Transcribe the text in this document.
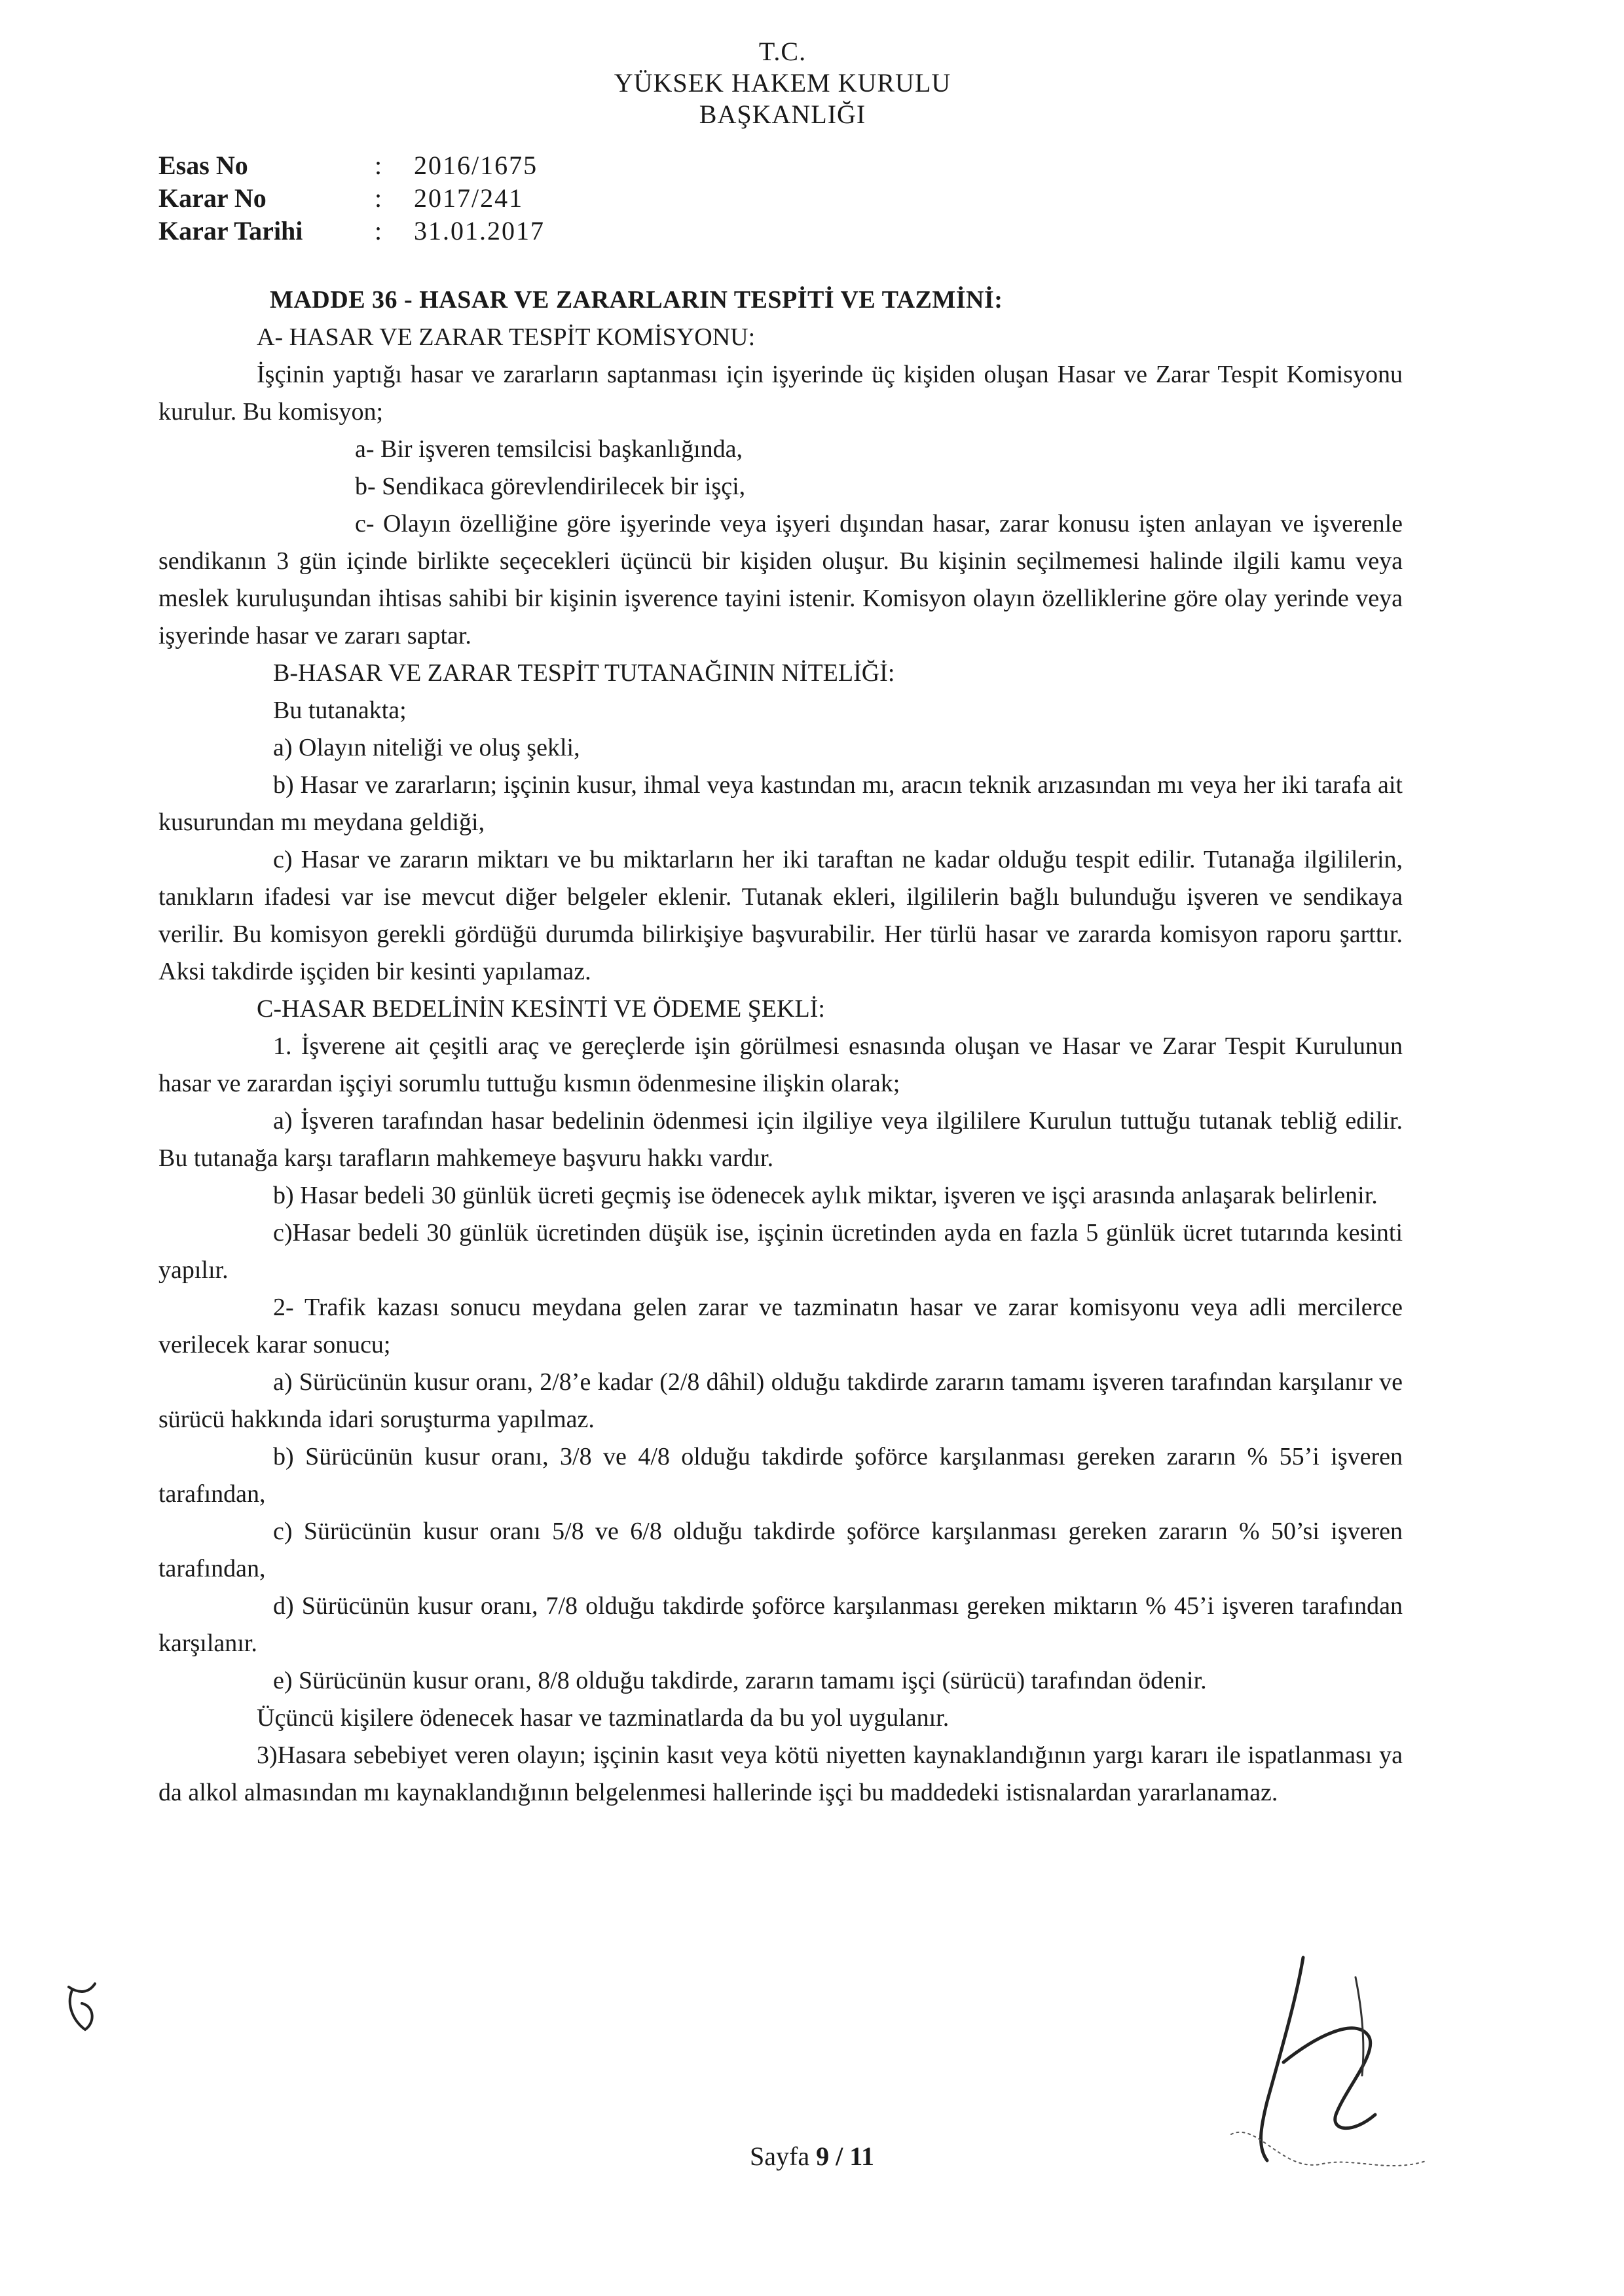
T.C.
YÜKSEK HAKEM KURULU
BAŞKANLIĞI
Esas No	:	2016/1675
Karar No	:	2017/241
Karar Tarihi	:	31.01.2017

MADDE 36 - HASAR VE ZARARLARIN TESPİTİ VE TAZMİNİ:

A- HASAR VE ZARAR TESPİT KOMİSYONU:

İşçinin yaptığı hasar ve zararların saptanması için işyerinde üç kişiden oluşan Hasar ve Zarar Tespit Komisyonu kurulur. Bu komisyon;

a- Bir işveren temsilcisi başkanlığında,

b- Sendikaca görevlendirilecek bir işçi,

c- Olayın özelliğine göre işyerinde veya işyeri dışından hasar, zarar konusu işten anlayan ve işverenle sendikanın 3 gün içinde birlikte seçecekleri üçüncü bir kişiden oluşur. Bu kişinin seçilmemesi halinde ilgili kamu veya meslek kuruluşundan ihtisas sahibi bir kişinin işverence tayini istenir. Komisyon olayın özelliklerine göre olay yerinde veya işyerinde hasar ve zararı saptar.

B-HASAR VE ZARAR TESPİT TUTANAĞININ NİTELİĞİ:

Bu tutanakta;

a) Olayın niteliği ve oluş şekli,

b) Hasar ve zararların; işçinin kusur, ihmal veya kastından mı, aracın teknik arızasından mı veya her iki tarafa ait kusurundan mı meydana geldiği,

c) Hasar ve zararın miktarı ve bu miktarların her iki taraftan ne kadar olduğu tespit edilir. Tutanağa ilgililerin, tanıkların ifadesi var ise mevcut diğer belgeler eklenir. Tutanak ekleri, ilgililerin bağlı bulunduğu işveren ve sendikaya verilir. Bu komisyon gerekli gördüğü durumda bilirkişiye başvurabilir. Her türlü hasar ve zararda komisyon raporu şarttır. Aksi takdirde işçiden bir kesinti yapılamaz.

C-HASAR BEDELİNİN KESİNTİ VE ÖDEME ŞEKLİ:

1. İşverene ait çeşitli araç ve gereçlerde işin görülmesi esnasında oluşan ve Hasar ve Zarar Tespit Kurulunun hasar ve zarardan işçiyi sorumlu tuttuğu kısmın ödenmesine ilişkin olarak;

a) İşveren tarafından hasar bedelinin ödenmesi için ilgiliye veya ilgililere Kurulun tuttuğu tutanak tebliğ edilir. Bu tutanağa karşı tarafların mahkemeye başvuru hakkı vardır.

b) Hasar bedeli 30 günlük ücreti geçmiş ise ödenecek aylık miktar, işveren ve işçi arasında anlaşarak belirlenir.

c)Hasar bedeli 30 günlük ücretinden düşük ise, işçinin ücretinden ayda en fazla 5 günlük ücret tutarında kesinti yapılır.

2- Trafik kazası sonucu meydana gelen zarar ve tazminatın hasar ve zarar komisyonu veya adli mercilerce verilecek karar sonucu;

a) Sürücünün kusur oranı, 2/8’e kadar (2/8 dâhil) olduğu takdirde zararın tamamı işveren tarafından karşılanır ve sürücü hakkında idari soruşturma yapılmaz.

b) Sürücünün kusur oranı, 3/8 ve 4/8 olduğu takdirde şoförce karşılanması gereken zararın % 55’i işveren tarafından,

c) Sürücünün kusur oranı 5/8 ve 6/8 olduğu takdirde şoförce karşılanması gereken zararın % 50’si işveren tarafından,

d) Sürücünün kusur oranı, 7/8 olduğu takdirde şoförce karşılanması gereken miktarın % 45’i işveren tarafından karşılanır.

e) Sürücünün kusur oranı, 8/8 olduğu takdirde, zararın tamamı işçi (sürücü) tarafından ödenir.

Üçüncü kişilere ödenecek hasar ve tazminatlarda da bu yol uygulanır.

3)Hasara sebebiyet veren olayın; işçinin kasıt veya kötü niyetten kaynaklandığının yargı kararı ile ispatlanması ya da alkol almasından mı kaynaklandığının belgelenmesi hallerinde işçi bu maddedeki istisnalardan yararlanamaz.

Sayfa 9 / 11
